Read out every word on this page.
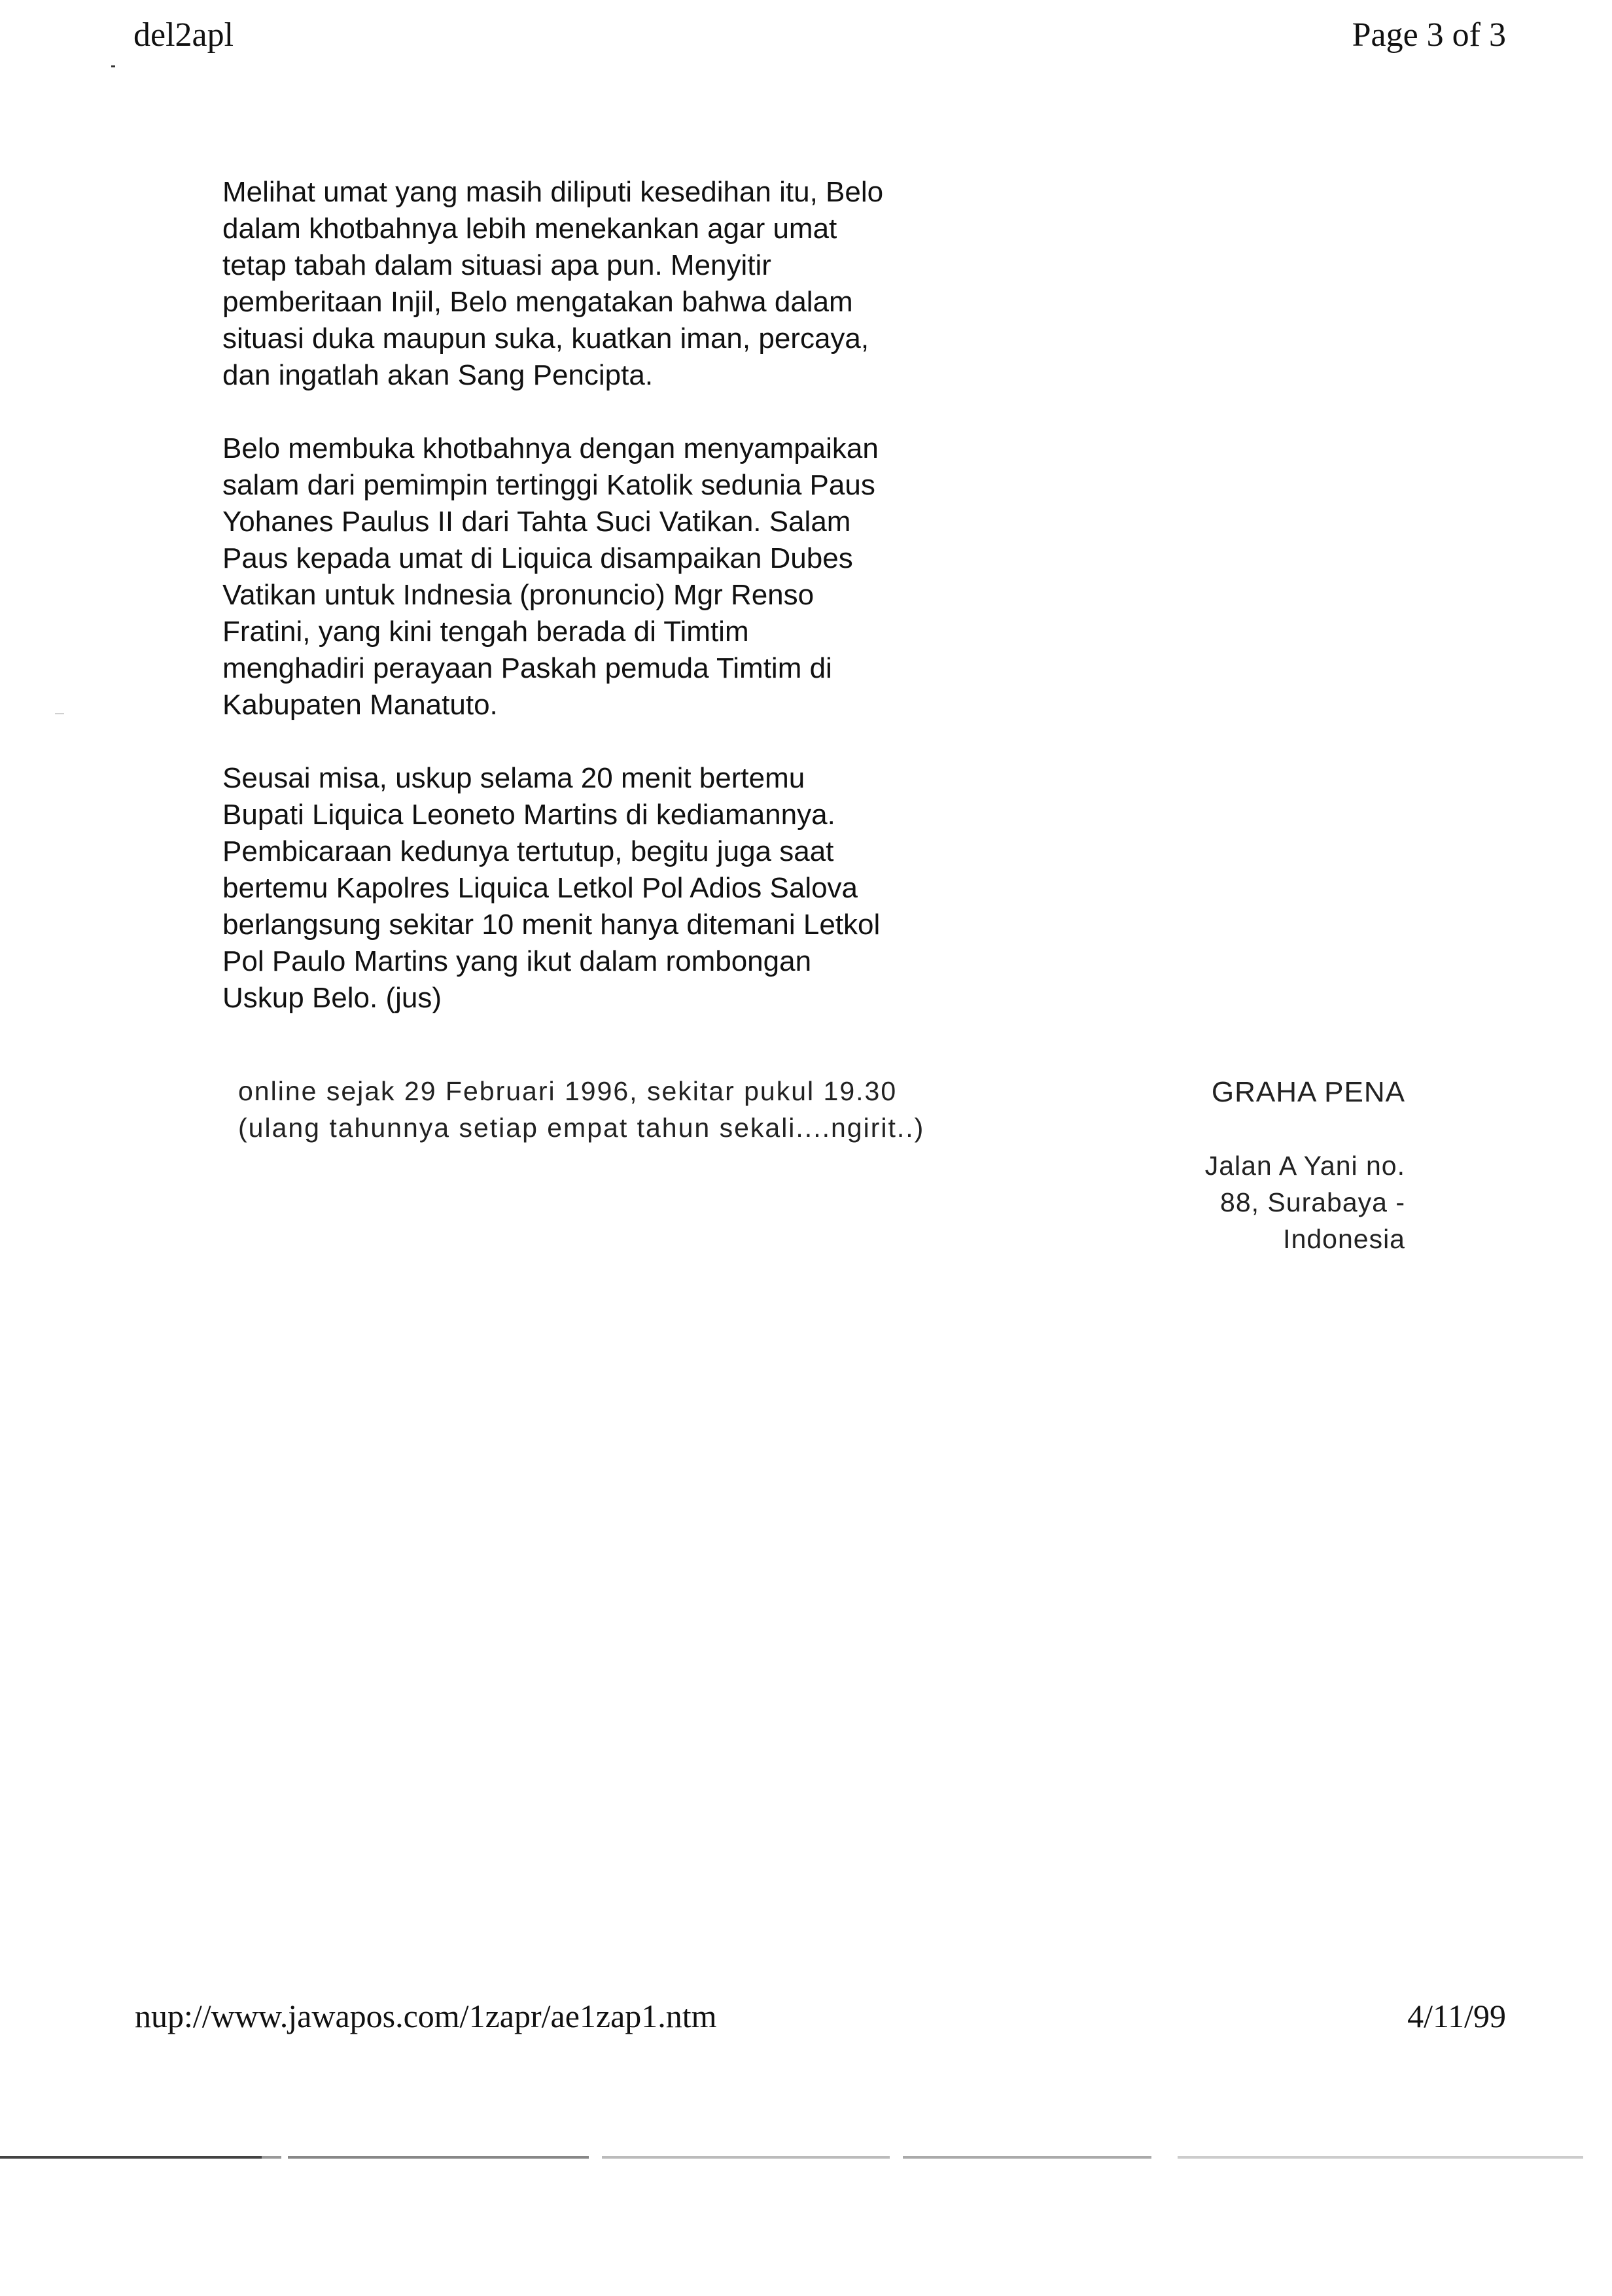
del2apl	Page 3 of 3

Melihat umat yang masih diliputi kesedihan itu, Belo
dalam khotbahnya lebih menekankan agar umat
tetap tabah dalam situasi apa pun. Menyitir
pemberitaan Injil, Belo mengatakan bahwa dalam
situasi duka maupun suka, kuatkan iman, percaya,
dan ingatlah akan Sang Pencipta.

Belo membuka khotbahnya dengan menyampaikan
salam dari pemimpin tertinggi Katolik sedunia Paus
Yohanes Paulus II dari Tahta Suci Vatikan. Salam
Paus kepada umat di Liquica disampaikan Dubes
Vatikan untuk Indnesia (pronuncio) Mgr Renso
Fratini, yang kini tengah berada di Timtim
menghadiri perayaan Paskah pemuda Timtim di
Kabupaten Manatuto.

Seusai misa, uskup selama 20 menit bertemu
Bupati Liquica Leoneto Martins di kediamannya.
Pembicaraan kedunya tertutup, begitu juga saat
bertemu Kapolres Liquica Letkol Pol Adios Salova
berlangsung sekitar 10 menit hanya ditemani Letkol
Pol Paulo Martins yang ikut dalam rombongan
Uskup Belo. (jus)

online sejak 29 Februari 1996, sekitar pukul 19.30
(ulang tahunnya setiap empat tahun sekali....ngirit..)

GRAHA PENA

Jalan A Yani no.
88, Surabaya -
Indonesia

nup://www.jawapos.com/1zapr/ae1zap1.ntm	4/11/99
